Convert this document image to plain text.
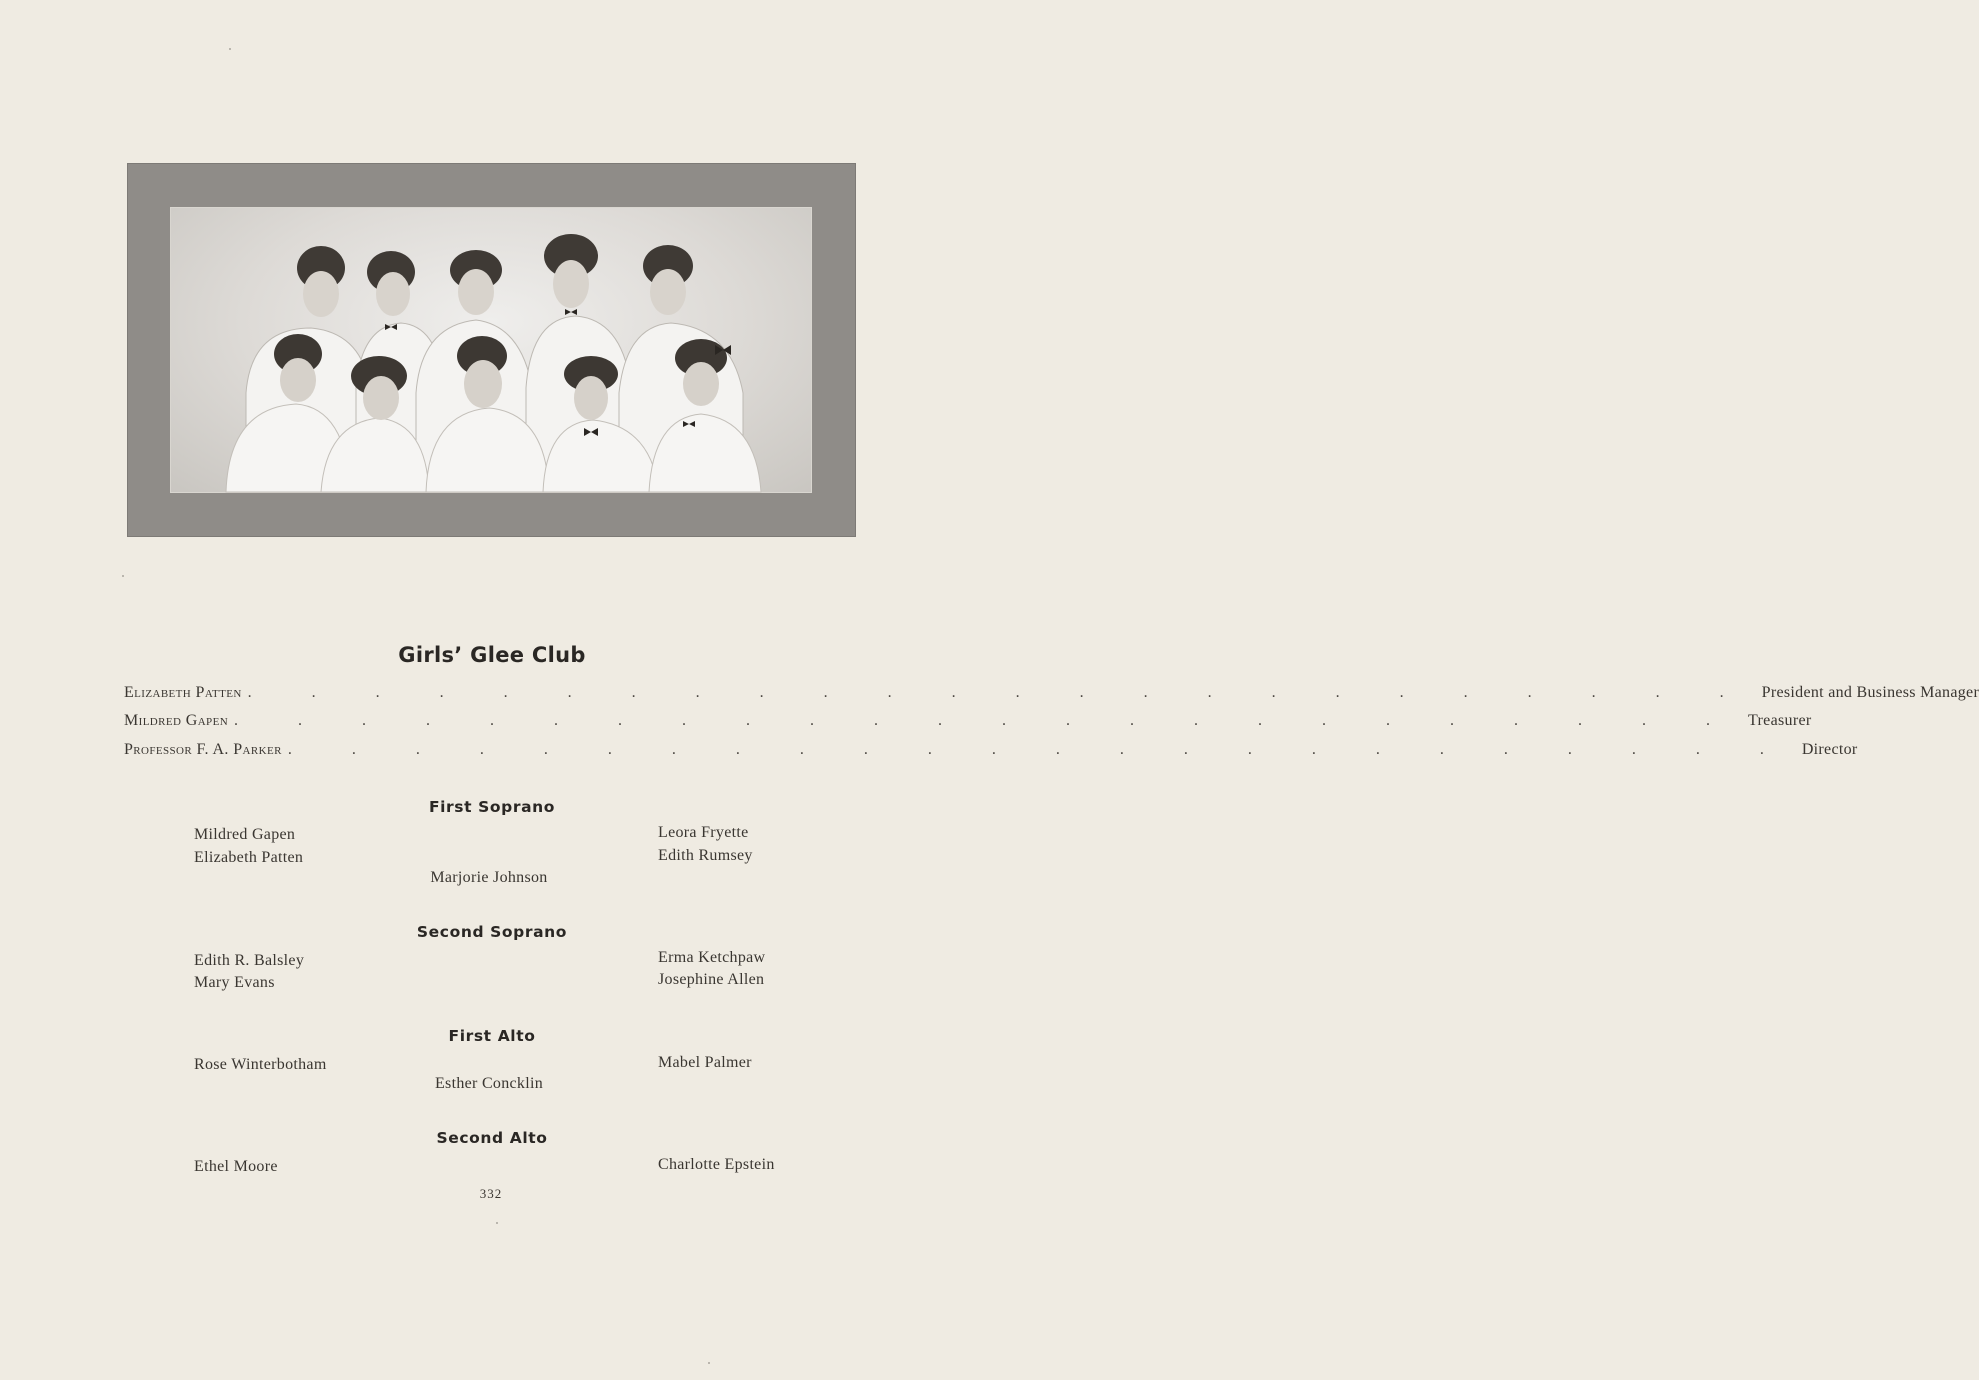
Girls’ Glee Club
Elizabeth Patten . . . . . . . . . . . . . . . . . . . . . . . . President and Business Manager
Mildred Gapen . . . . . . . . . . . . . . . . . . . . . . . . Treasurer
Professor F. A. Parker . . . . . . . . . . . . . . . . . . . . . . . . Director
First Soprano
Mildred Gapen
Elizabeth Patten
Marjorie Johnson
Leora Fryette
Edith Rumsey
Second Soprano
Edith R. Balsley
Mary Evans
Erma Ketchpaw
Josephine Allen
First Alto
Rose Winterbotham
Esther Concklin
Mabel Palmer
Second Alto
Ethel Moore	Charlotte Epstein
332
